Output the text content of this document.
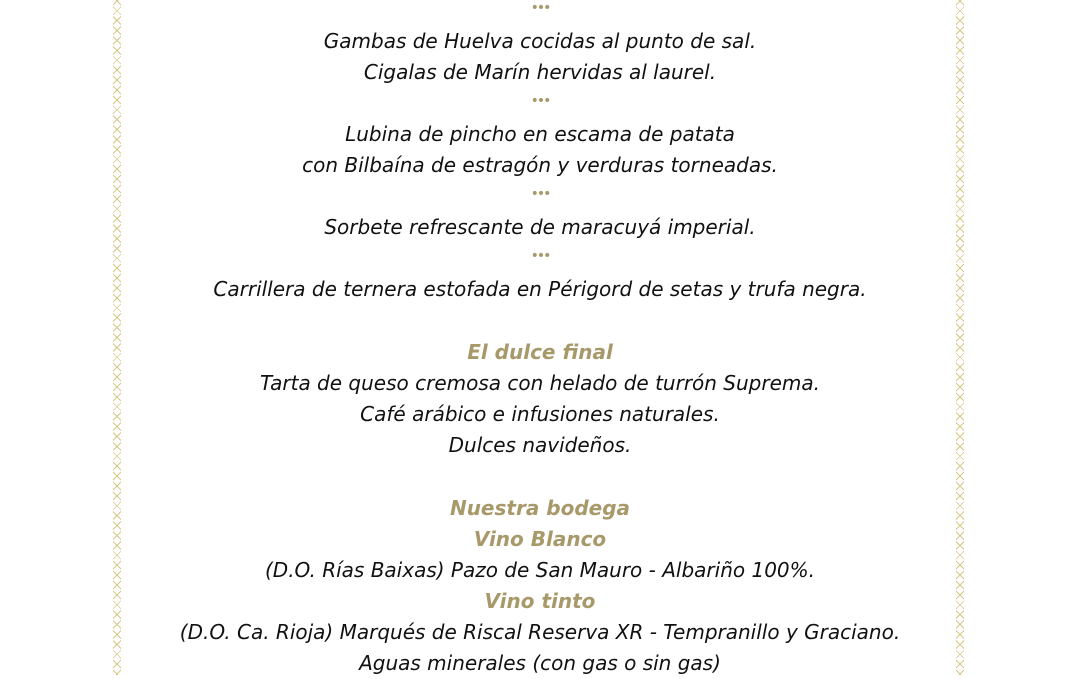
•••
Gambas de Huelva cocidas al punto de sal.
Cigalas de Marín hervidas al laurel.
•••
Lubina de pincho en escama de patata
con Bilbaína de estragón y verduras torneadas.
•••
Sorbete refrescante de maracuyá imperial.
•••
Carrillera de ternera estofada en Périgord de setas y trufa negra.
El dulce final
Tarta de queso cremosa con helado de turrón Suprema.
Café arábico e infusiones naturales.
Dulces navideños.
Nuestra bodega
Vino Blanco
(D.O. Rías Baixas) Pazo de San Mauro - Albariño 100%.
Vino tinto
(D.O. Ca. Rioja) Marqués de Riscal Reserva XR - Tempranillo y Graciano.
Aguas minerales (con gas o sin gas)
